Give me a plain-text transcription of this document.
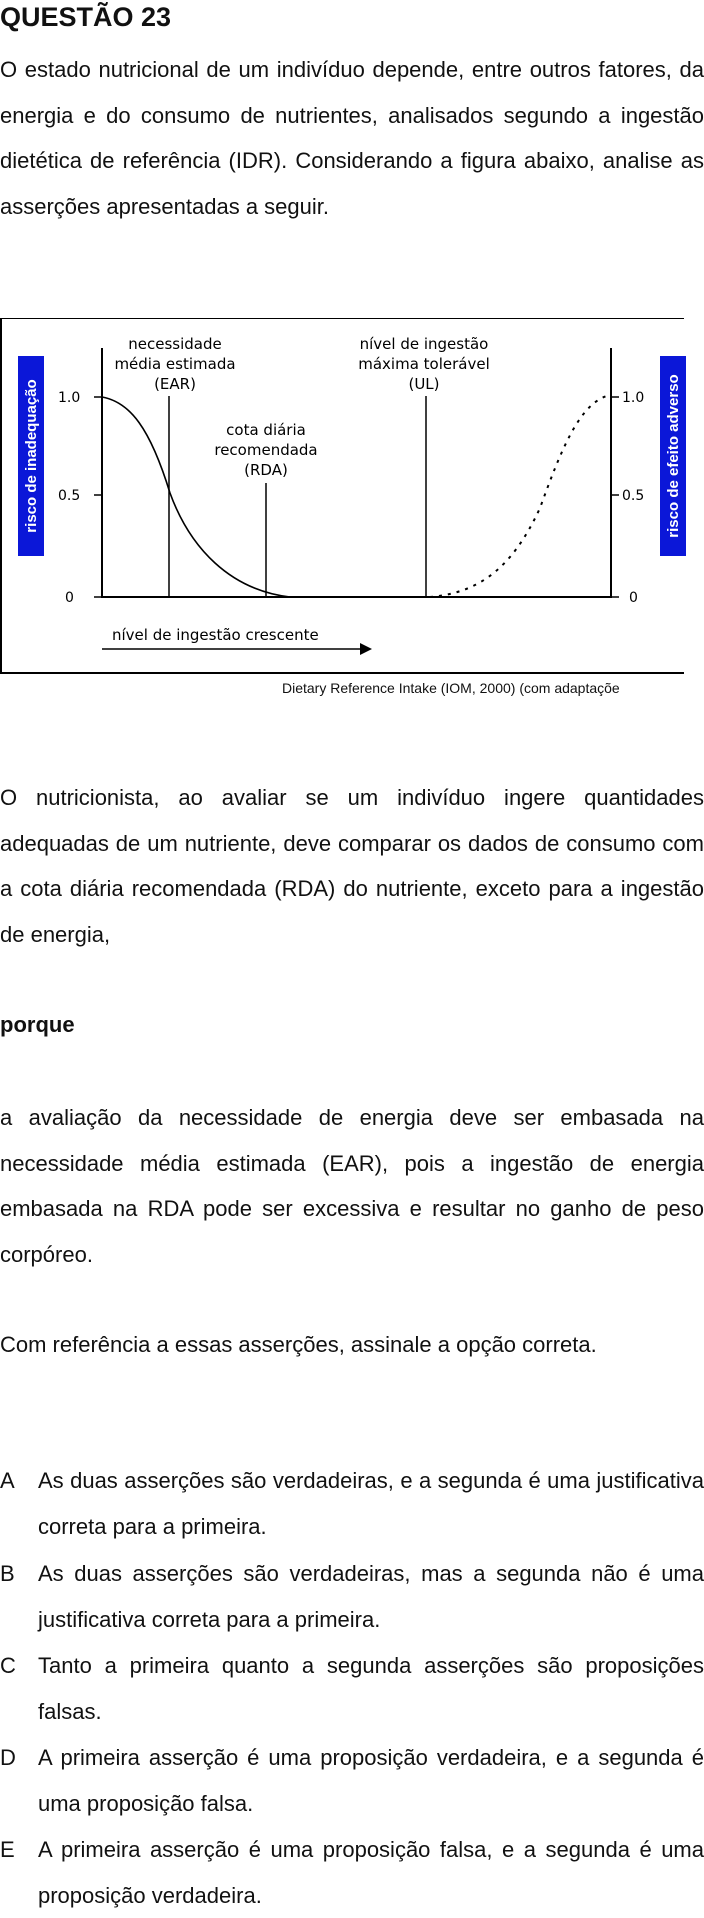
QUESTÃO 23

O estado nutricional de um indivíduo depende, entre outros fatores, da energia e do consumo de nutrientes, analisados segundo a ingestão dietética de referência (IDR). Considerando a figura abaixo, analise as asserções apresentadas a seguir.

risco de inadequação	risco de efeito adverso
1.0
0.5
0
1.0
0.5
0
necessidade
média estimada
(EAR)
cota diária
recomendada
(RDA)
nível de ingestão
máxima tolerável
(UL)
nível de ingestão crescente
Dietary Reference Intake (IOM, 2000) (com adaptaçõe

O nutricionista, ao avaliar se um indivíduo ingere quantidades adequadas de um nutriente, deve comparar os dados de consumo com a cota diária recomendada (RDA) do nutriente, exceto para a ingestão de energia,

porque

a avaliação da necessidade de energia deve ser embasada na necessidade média estimada (EAR), pois a ingestão de energia embasada na RDA pode ser excessiva e resultar no ganho de peso corpóreo.

Com referência a essas asserções, assinale a opção correta.

A As duas asserções são verdadeiras, e a segunda é uma justificativa correta para a primeira.
B As duas asserções são verdadeiras, mas a segunda não é uma justificativa correta para a primeira.
C Tanto a primeira quanto a segunda asserções são proposições falsas.
D A primeira asserção é uma proposição verdadeira, e a segunda é uma proposição falsa.
E A primeira asserção é uma proposição falsa, e a segunda é uma proposição verdadeira.
